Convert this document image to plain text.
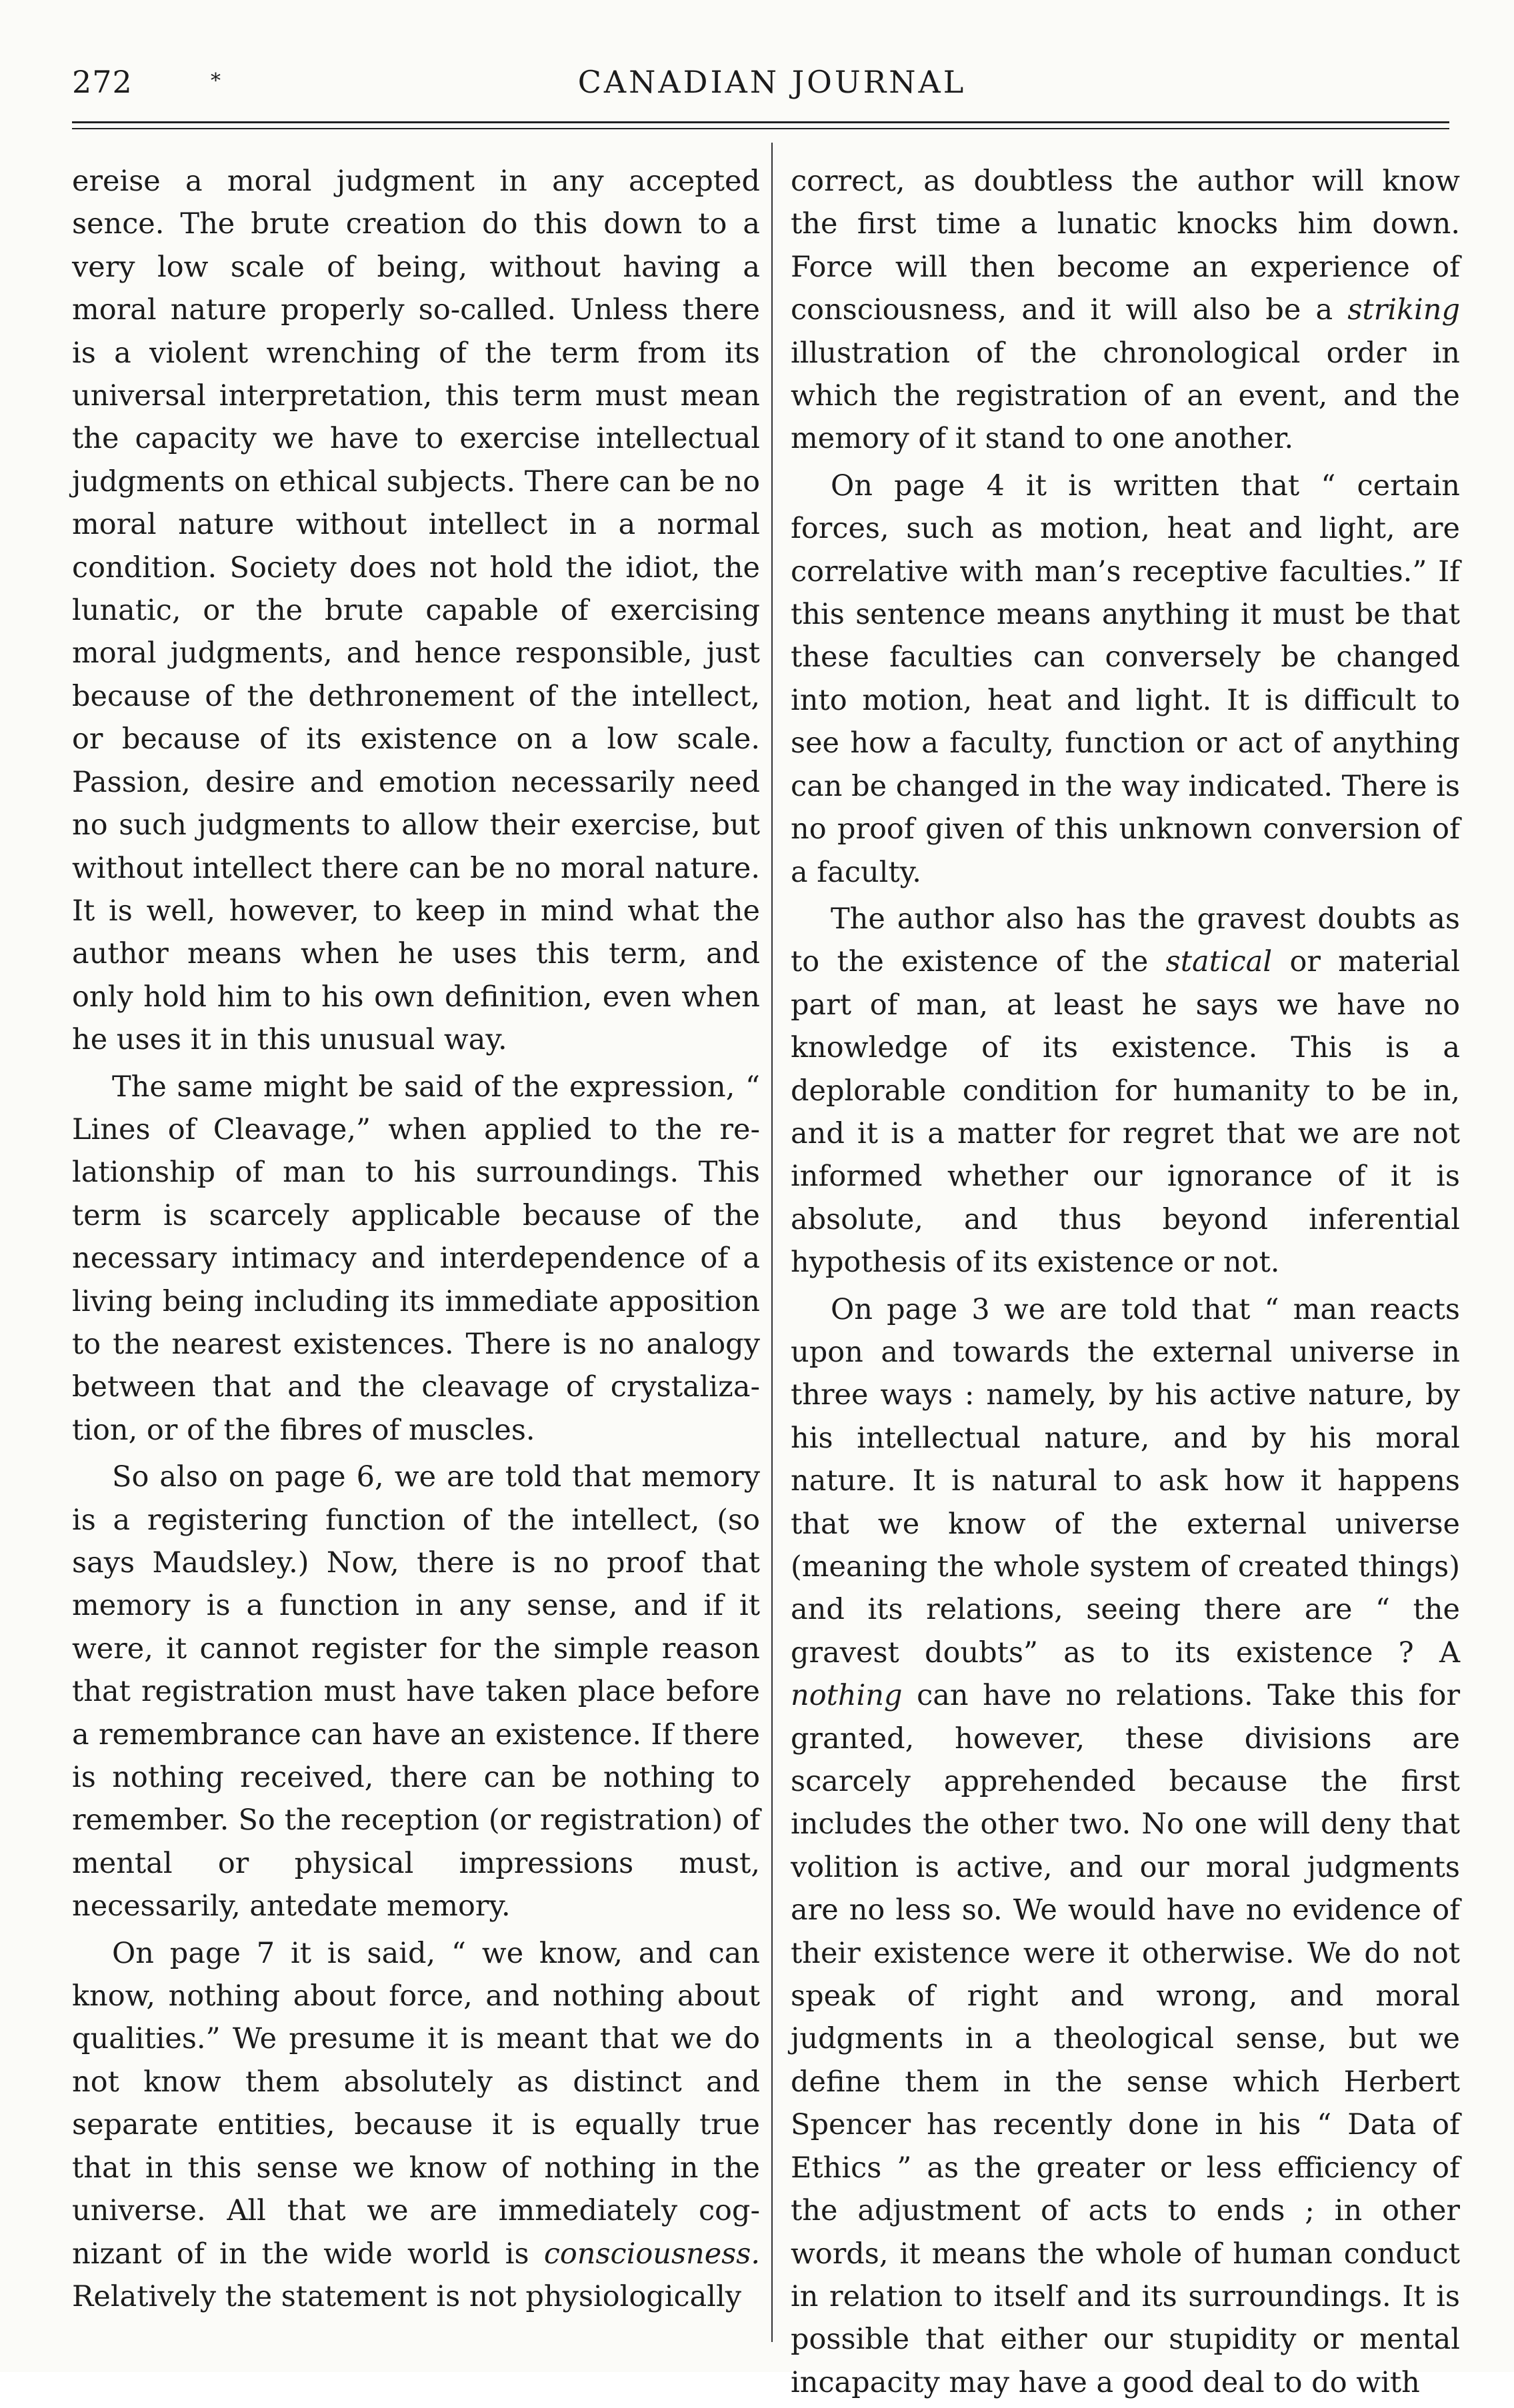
272	*	CANADIAN JOURNAL

ereise a moral judgment in any accepted sence. The brute creation do this down to a very low scale of being, without having a moral nature properly so-called. Unless there is a violent wrenching of the term from its universal interpretation, this term must mean the capacity we have to exercise intellectual judgments on ethical subjects. There can be no moral nature without intellect in a normal condition. Society does not hold the idiot, the lunatic, or the brute capable of exercising moral judgments, and hence responsible, just because of the dethronement of the intellect, or because of its existence on a low scale. Passion, desire and emotion necessarily need no such judgments to allow their exercise, but without intellect there can be no moral nature. It is well, however, to keep in mind what the author means when he uses this term, and only hold him to his own definition, even when he uses it in this unusual way.

The same might be said of the expression, “ Lines of Cleavage,” when applied to the relationship of man to his surroundings. This term is scarcely applicable because of the necessary intimacy and interdependence of a living being including its immediate apposition to the nearest existences. There is no analogy between that and the cleavage of crystalization, or of the fibres of muscles.

So also on page 6, we are told that memory is a registering function of the intellect, (so says Maudsley.) Now, there is no proof that memory is a function in any sense, and if it were, it cannot register for the simple reason that registration must have taken place before a remembrance can have an existence. If there is nothing received, there can be nothing to remember. So the reception (or registration) of mental or physical impressions must, necessarily, antedate memory.

On page 7 it is said, “ we know, and can know, nothing about force, and nothing about qualities.” We presume it is meant that we do not know them absolutely as distinct and separate entities, because it is equally true that in this sense we know of nothing in the universe. All that we are immediately cognizant of in the wide world is consciousness. Relatively the statement is not physiologically

correct, as doubtless the author will know the first time a lunatic knocks him down. Force will then become an experience of consciousness, and it will also be a striking illustration of the chronological order in which the registration of an event, and the memory of it stand to one another.

On page 4 it is written that “ certain forces, such as motion, heat and light, are correlative with man’s receptive faculties.” If this sentence means anything it must be that these faculties can conversely be changed into motion, heat and light. It is difficult to see how a faculty, function or act of anything can be changed in the way indicated. There is no proof given of this unknown conversion of a faculty.

The author also has the gravest doubts as to the existence of the statical or material part of man, at least he says we have no knowledge of its existence. This is a deplorable condition for humanity to be in, and it is a matter for regret that we are not informed whether our ignorance of it is absolute, and thus beyond inferential hypothesis of its existence or not.

On page 3 we are told that “ man reacts upon and towards the external universe in three ways : namely, by his active nature, by his intellectual nature, and by his moral nature. It is natural to ask how it happens that we know of the external universe (meaning the whole system of created things) and its relations, seeing there are “ the gravest doubts” as to its existence ? A nothing can have no relations. Take this for granted, however, these divisions are scarcely apprehended because the first includes the other two. No one will deny that volition is active, and our moral judgments are no less so. We would have no evidence of their existence were it otherwise. We do not speak of right and wrong, and moral judgments in a theological sense, but we define them in the sense which Herbert Spencer has recently done in his “ Data of Ethics ” as the greater or less efficiency of the adjustment of acts to ends ; in other words, it means the whole of human conduct in relation to itself and its surroundings. It is possible that either our stupidity or mental incapacity may have a good deal to do with
